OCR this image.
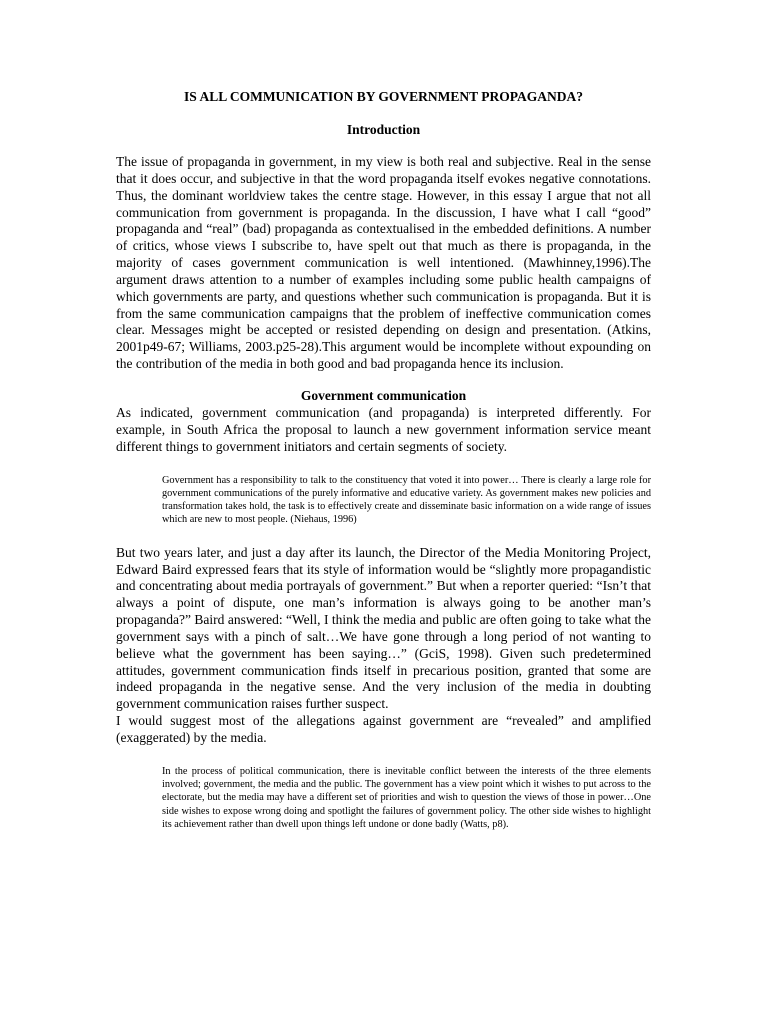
IS ALL COMMUNICATION BY GOVERNMENT PROPAGANDA?
Introduction

The issue of propaganda in government, in my view is both real and subjective. Real in the sense that it does occur, and subjective in that the word propaganda itself evokes negative connotations. Thus, the dominant worldview takes the centre stage. However, in this essay I argue that not all communication from government is propaganda. In the discussion, I have what I call “good” propaganda and “real” (bad) propaganda as contextualised in the embedded definitions. A number of critics, whose views I subscribe to, have spelt out that much as there is propaganda, in the majority of cases government communication is well intentioned. (Mawhinney,1996).The argument draws attention to a number of examples including some public health campaigns of which governments are party, and questions whether such communication is propaganda. But it is from the same communication campaigns that the problem of ineffective communication comes clear. Messages might be accepted or resisted depending on design and presentation. (Atkins, 2001p49-67; Williams, 2003.p25-28).This argument would be incomplete without expounding on the contribution of the media in both good and bad propaganda hence its inclusion.

Government communication

As indicated, government communication (and propaganda) is interpreted differently. For example, in South Africa the proposal to launch a new government information service meant different things to government initiators and certain segments of society.

Government has a responsibility to talk to the constituency that voted it into power… There is clearly a large role for government communications of the purely informative and educative variety. As government makes new policies and transformation takes hold, the task is to effectively create and disseminate basic information on a wide range of issues which are new to most people. (Niehaus, 1996)

But two years later, and just a day after its launch, the Director of the Media Monitoring Project, Edward Baird expressed fears that its style of information would be “slightly more propagandistic and concentrating about media portrayals of government.” But when a reporter queried: “Isn’t that always a point of dispute, one man’s information is always going to be another man’s propaganda?” Baird answered: “Well, I think the media and public are often going to take what the government says with a pinch of salt…We have gone through a long period of not wanting to believe what the government has been saying…” (GciS, 1998). Given such predetermined attitudes, government communication finds itself in precarious position, granted that some are indeed propaganda in the negative sense. And the very inclusion of the media in doubting government communication raises further suspect.

I would suggest most of the allegations against government are “revealed” and amplified (exaggerated) by the media.

In the process of political communication, there is inevitable conflict between the interests of the three elements involved; government, the media and the public. The government has a view point which it wishes to put across to the electorate, but the media may have a different set of priorities and wish to question the views of those in power…One side wishes to expose wrong doing and spotlight the failures of government policy. The other side wishes to highlight its achievement rather than dwell upon things left undone or done badly (Watts, p8).
